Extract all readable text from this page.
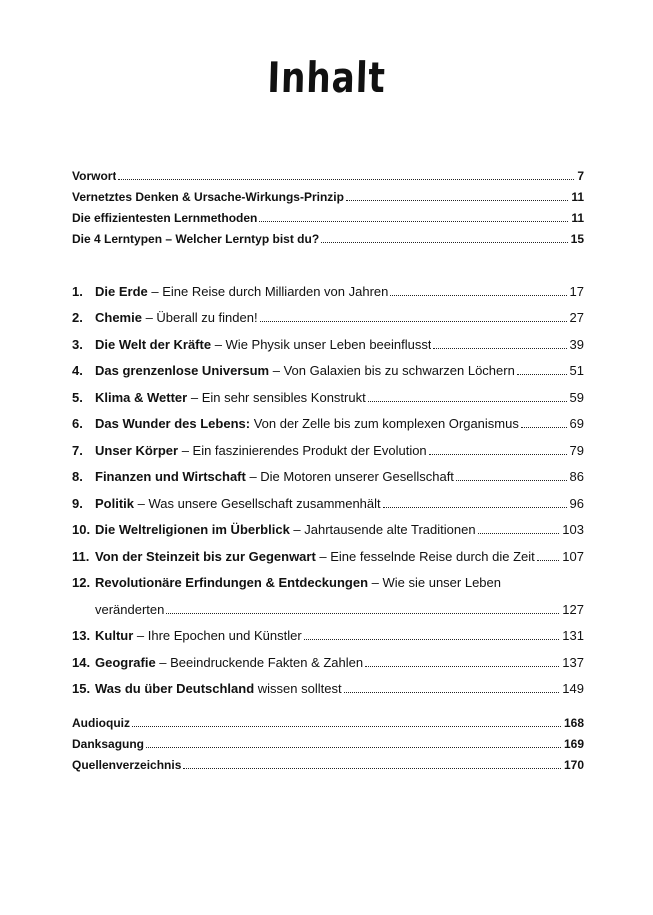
Inhalt
Vorwort	7
Vernetztes Denken & Ursache-Wirkungs-Prinzip	11
Die effizientesten Lernmethoden	11
Die 4 Lerntypen – Welcher Lerntyp bist du?	15
1. Die Erde – Eine Reise durch Milliarden von Jahren	17
2. Chemie – Überall zu finden!	27
3. Die Welt der Kräfte – Wie Physik unser Leben beeinflusst	39
4. Das grenzenlose Universum – Von Galaxien bis zu schwarzen Löchern	51
5. Klima & Wetter – Ein sehr sensibles Konstrukt	59
6. Das Wunder des Lebens: Von der Zelle bis zum komplexen Organismus	69
7. Unser Körper – Ein faszinierendes Produkt der Evolution	79
8. Finanzen und Wirtschaft – Die Motoren unserer Gesellschaft	86
9. Politik – Was unsere Gesellschaft zusammenhält	96
10. Die Weltreligionen im Überblick – Jahrtausende alte Traditionen	103
11. Von der Steinzeit bis zur Gegenwart – Eine fesselnde Reise durch die Zeit 107
12. Revolutionäre Erfindungen & Entdeckungen – Wie sie unser Leben
veränderten	127
13. Kultur – Ihre Epochen und Künstler	131
14. Geografie – Beeindruckende Fakten & Zahlen	137
15. Was du über Deutschland wissen solltest	149
Audioquiz	168
Danksagung	169
Quellenverzeichnis	170
